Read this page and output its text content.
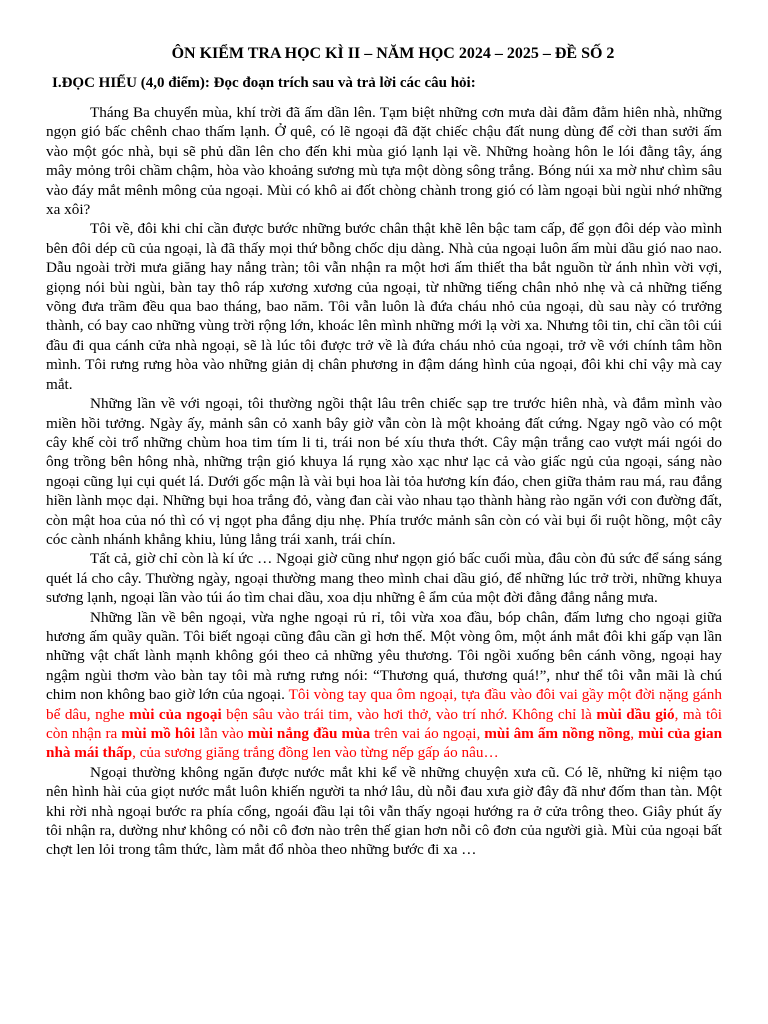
ÔN KIỂM TRA HỌC KÌ II – NĂM HỌC 2024 – 2025 – ĐỀ SỐ 2
I.ĐỌC HIỂU (4,0 điểm): Đọc đoạn trích sau và trả lời các câu hỏi:

Tháng Ba chuyển mùa, khí trời đã ấm dần lên. Tạm biệt những cơn mưa dài đằm đằm hiên nhà, những ngọn gió bấc chênh chao thấm lạnh. Ở quê, có lẽ ngoại đã đặt chiếc chậu đất nung dùng để cời than sưởi ấm vào một góc nhà, bụi sẽ phủ dần lên cho đến khi mùa gió lạnh lại về. Những hoàng hôn le lói đằng tây, áng mây mỏng trôi chầm chậm, hòa vào khoảng sương mù tựa một dòng sông trắng. Bóng núi xa mờ như chìm sâu vào đáy mắt mênh mông của ngoại. Mùi có khô ai đốt chòng chành trong gió có làm ngoại bùi ngùi nhớ những xa xôi?

Tôi về, đôi khi chỉ cần được bước những bước chân thật khẽ lên bậc tam cấp, để gọn đôi dép vào mình bên đôi dép cũ của ngoại, là đã thấy mọi thứ bỗng chốc dịu dàng. Nhà của ngoại luôn ấm mùi dầu gió nao nao. Dẫu ngoài trời mưa giăng hay nắng tràn; tôi vẫn nhận ra một hơi ấm thiết tha bắt nguồn từ ánh nhìn vời vợi, giọng nói bùi ngùi, bàn tay thô ráp xương xương của ngoại, từ những tiếng chân nhỏ nhẹ và cả những tiếng võng đưa trầm đều qua bao tháng, bao năm. Tôi vẫn luôn là đứa cháu nhỏ của ngoại, dù sau này có trưởng thành, có bay cao những vùng trời rộng lớn, khoác lên mình những mới lạ vời xa. Nhưng tôi tin, chỉ cần tôi cúi đầu đi qua cánh cửa nhà ngoại, sẽ là lúc tôi được trở về là đứa cháu nhỏ của ngoại, trở về với chính tâm hồn mình. Tôi rưng rưng hòa vào những giản dị chân phương in đậm dáng hình của ngoại, đôi khi chỉ vậy mà cay mắt.

Những lần về với ngoại, tôi thường ngồi thật lâu trên chiếc sạp tre trước hiên nhà, và đắm mình vào miền hồi tưởng. Ngày ấy, mảnh sân cỏ xanh bây giờ vẫn còn là một khoảng đất cứng. Ngay ngõ vào có một cây khế còi trổ những chùm hoa tim tím li ti, trái non bé xíu thưa thớt. Cây mận trắng cao vượt mái ngói do ông trồng bên hông nhà, những trận gió khuya lá rụng xào xạc như lạc cả vào giấc ngủ của ngoại, sáng nào ngoại cũng lụi cụi quét lá. Dưới gốc mận là vài bụi hoa lài tỏa hương kín đáo, chen giữa thảm rau má, rau đắng hiền lành mọc dại. Những bụi hoa trắng đỏ, vàng đan cài vào nhau tạo thành hàng rào ngăn với con đường đất, còn mật hoa của nó thì có vị ngọt pha đắng dịu nhẹ. Phía trước mảnh sân còn có vài bụi ổi ruột hồng, một cây cóc cành nhánh khẳng khiu, lủng lẳng trái xanh, trái chín.

Tất cả, giờ chỉ còn là kí ức … Ngoại giờ cũng như ngọn gió bấc cuối mùa, đâu còn đủ sức để sáng sáng quét lá cho cây. Thường ngày, ngoại thường mang theo mình chai dầu gió, để những lúc trở trời, những khuya sương lạnh, ngoại lần vào túi áo tìm chai dầu, xoa dịu những ê ẩm của một đời đằng đẳng nắng mưa.

Những lần về bên ngoại, vừa nghe ngoại rủ rỉ, tôi vừa xoa đầu, bóp chân, đấm lưng cho ngoại giữa hương ấm quầy quần. Tôi biết ngoại cũng đâu cần gì hơn thế. Một vòng ôm, một ánh mắt đôi khi gấp vạn lần những vật chất lành mạnh không gói theo cả những yêu thương. Tôi ngồi xuống bên cánh võng, ngoại hay ngậm ngùi thơm vào bàn tay tôi mà rưng rưng nói: “Thương quá, thương quá!”, như thể tôi vẫn mãi là chú chim non không bao giờ lớn của ngoại. Tôi vòng tay qua ôm ngoại, tựa đầu vào đôi vai gầy một đời nặng gánh bể dâu, nghe mùi của ngoại bện sâu vào trái tim, vào hơi thở, vào trí nhớ. Không chỉ là mùi dầu gió, mà tôi còn nhận ra mùi mồ hôi lẫn vào mùi nắng đầu mùa trên vai áo ngoại, mùi âm ấm nồng nồng, mùi của gian nhà mái thấp, của sương giăng trắng đồng len vào từng nếp gấp áo nâu…

Ngoại thường không ngăn được nước mắt khi kể về những chuyện xưa cũ. Có lẽ, những kỉ niệm tạo nên hình hài của giọt nước mắt luôn khiến người ta nhớ lâu, dù nỗi đau xưa giờ đây đã như đốm than tàn. Một khi rời nhà ngoại bước ra phía cổng, ngoái đầu lại tôi vẫn thấy ngoại hướng ra ở cửa trông theo. Giây phút ấy tôi nhận ra, dường như không có nỗi cô đơn nào trên thế gian hơn nỗi cô đơn của người già. Mùi của ngoại bất chợt len lỏi trong tâm thức, làm mắt đổ nhòa theo những bước đi xa …
